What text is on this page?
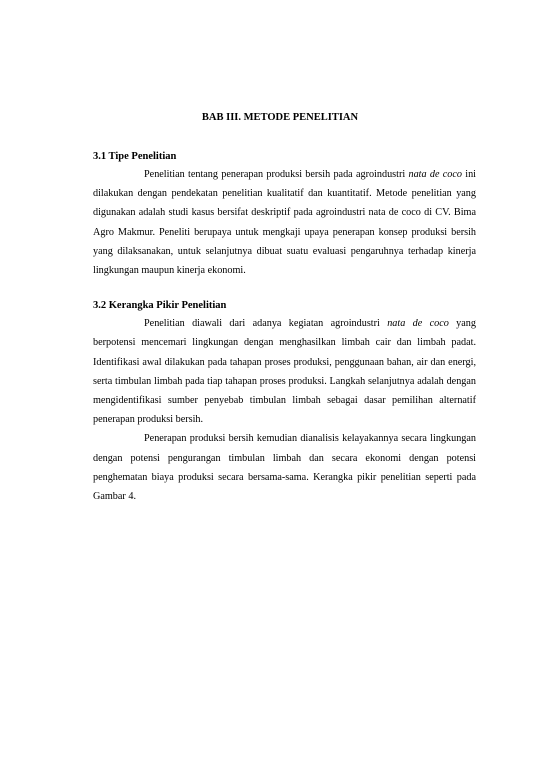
BAB III. METODE PENELITIAN
3.1 Tipe Penelitian

Penelitian tentang penerapan produksi bersih pada agroindustri nata de coco ini dilakukan dengan pendekatan penelitian kualitatif dan kuantitatif. Metode penelitian yang digunakan adalah studi kasus bersifat deskriptif pada agroindustri nata de coco di CV. Bima Agro Makmur. Peneliti berupaya untuk mengkaji upaya penerapan konsep produksi bersih yang dilaksanakan, untuk selanjutnya dibuat suatu evaluasi pengaruhnya terhadap kinerja lingkungan maupun kinerja ekonomi.

3.2 Kerangka Pikir Penelitian

Penelitian diawali dari adanya kegiatan agroindustri nata de coco yang berpotensi mencemari lingkungan dengan menghasilkan limbah cair dan limbah padat. Identifikasi awal dilakukan pada tahapan proses produksi, penggunaan bahan, air dan energi, serta timbulan limbah pada tiap tahapan proses produksi. Langkah selanjutnya adalah dengan mengidentifikasi sumber penyebab timbulan limbah sebagai dasar pemilihan alternatif penerapan produksi bersih.

Penerapan produksi bersih kemudian dianalisis kelayakannya secara lingkungan dengan potensi pengurangan timbulan limbah dan secara ekonomi dengan potensi penghematan biaya produksi secara bersama-sama. Kerangka pikir penelitian seperti pada Gambar 4.
